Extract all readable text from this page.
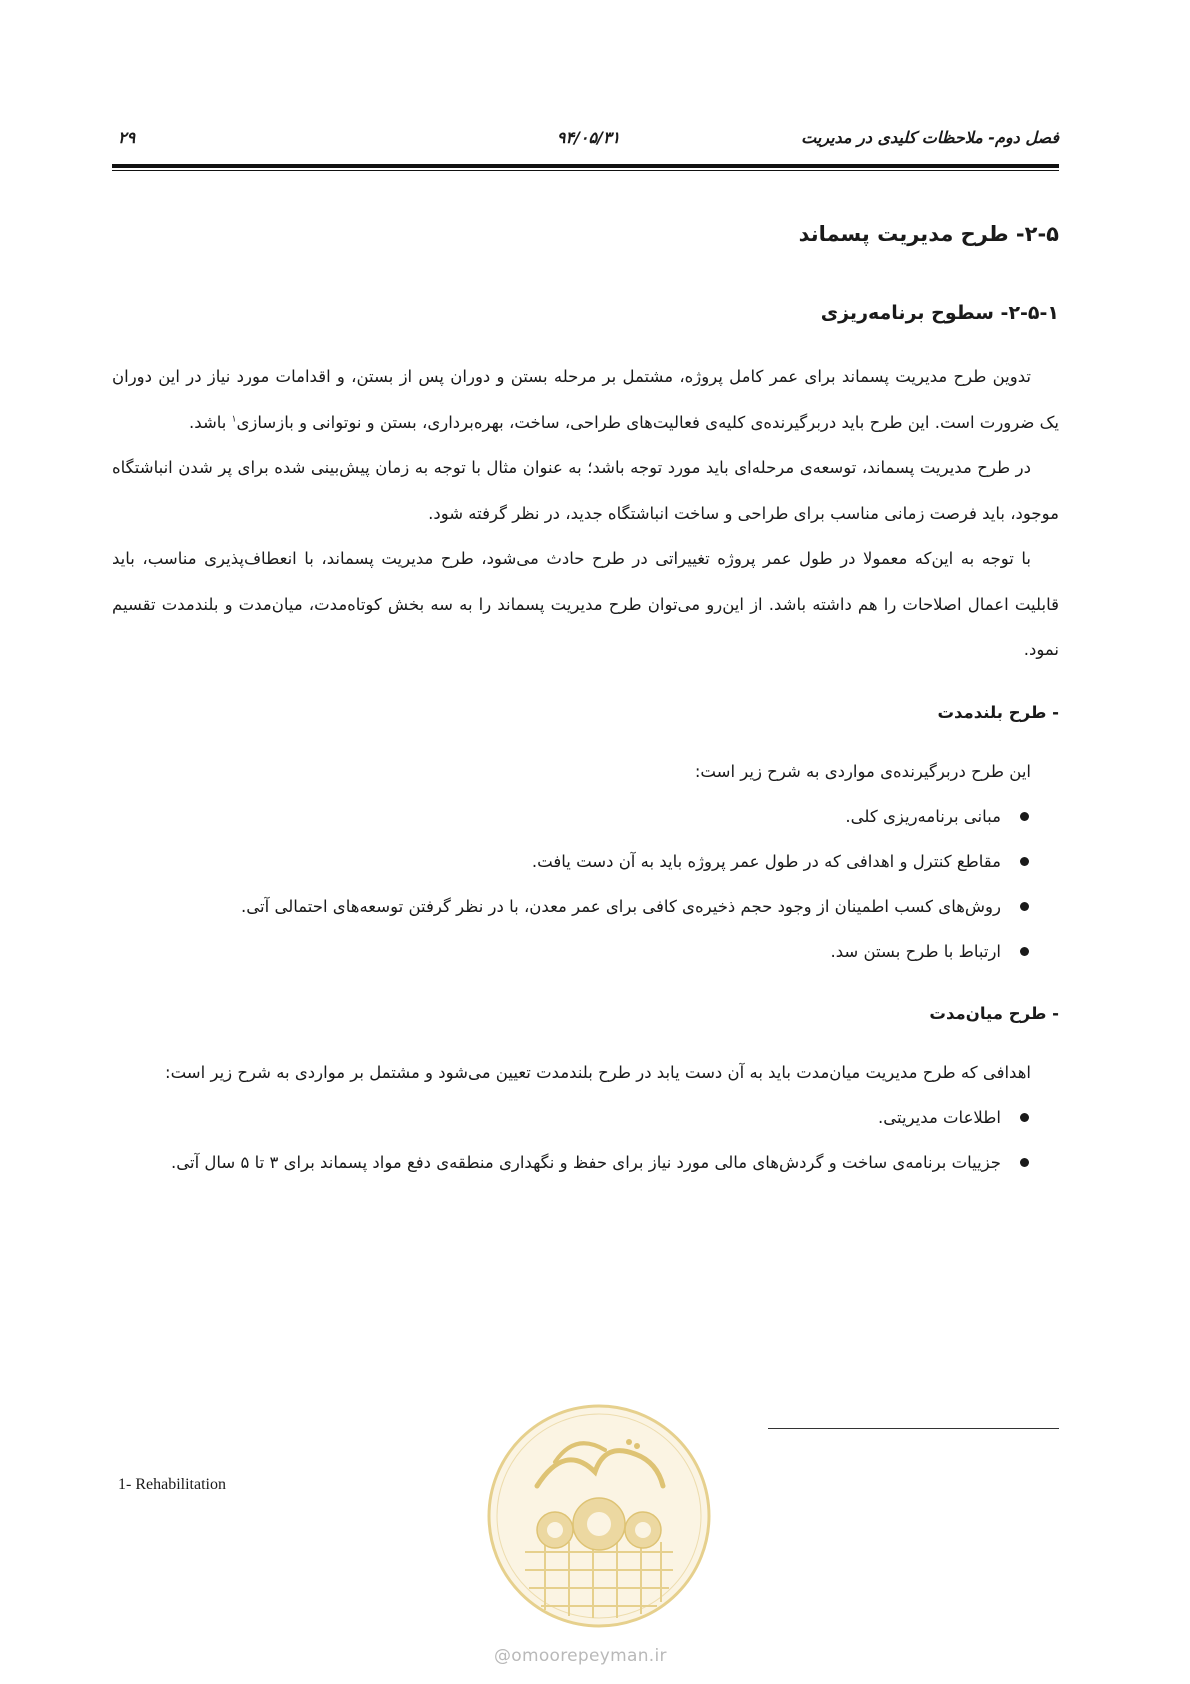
فصل دوم- ملاحظات کلیدی در مدیریت
۹۴/۰۵/۳۱
۲۹
۲-۵- طرح مدیریت پسماند
۲-۵-۱- سطوح برنامه‌ریزی

تدوین طرح مدیریت پسماند برای عمر کامل پروژه، مشتمل بر مرحله بستن و دوران پس از بستن، و اقدامات مورد نیاز در این دوران یک ضرورت است. این طرح باید دربرگیرنده‌ی کلیه‌ی فعالیت‌های طراحی، ساخت، بهره‌برداری، بستن و نوتوانی و بازسازی$^۱$ باشد.

در طرح مدیریت پسماند، توسعه‌ی مرحله‌ای باید مورد توجه باشد؛ به عنوان مثال با توجه به زمان پیش‌بینی شده برای پر شدن انباشتگاه موجود، باید فرصت زمانی مناسب برای طراحی و ساخت انباشتگاه جدید، در نظر گرفته شود.

با توجه به این‌که معمولا در طول عمر پروژه تغییراتی در طرح حادث می‌شود، طرح مدیریت پسماند، با انعطاف‌پذیری مناسب، باید قابلیت اعمال اصلاحات را هم داشته باشد. از این‌رو می‌توان طرح مدیریت پسماند را به سه بخش کوتاه‌مدت، میان‌مدت و بلندمدت تقسیم نمود.

- طرح بلندمدت

این طرح دربرگیرنده‌ی مواردی به شرح زیر است:

مبانی برنامه‌ریزی کلی.
مقاطع کنترل و اهدافی که در طول عمر پروژه باید به آن دست یافت.
روش‌های کسب اطمینان از وجود حجم ذخیره‌ی کافی برای عمر معدن، با در نظر گرفتن توسعه‌های احتمالی آتی.
ارتباط با طرح بستن سد.
- طرح میان‌مدت

اهدافی که طرح مدیریت میان‌مدت باید به آن دست یابد در طرح بلندمدت تعیین می‌شود و مشتمل بر مواردی به شرح زیر است:

اطلاعات مدیریتی.
جزییات برنامه‌ی ساخت و گردش‌های مالی مورد نیاز برای حفظ و نگهداری منطقه‌ی دفع مواد پسماند برای ۳ تا ۵ سال آتی.
1- Rehabilitation
@omoorepeyman.ir
